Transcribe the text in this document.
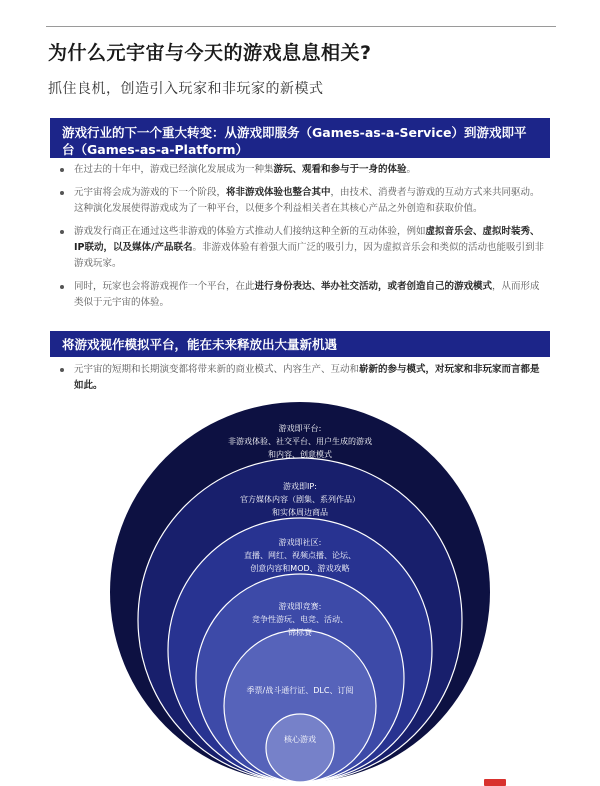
为什么元宇宙与今天的游戏息息相关?
抓住良机，创造引入玩家和非玩家的新模式
游戏行业的下一个重大转变：从游戏即服务（Games-as-a-Service）到游戏即平台（Games-as-a-Platform）
在过去的十年中，游戏已经演化发展成为一种集游玩、观看和参与于一身的体验。
元宇宙将会成为游戏的下一个阶段，将非游戏体验也整合其中，由技术、消费者与游戏的互动方式来共同驱动。这种演化发展使得游戏成为了一种平台，以便多个利益相关者在其核心产品之外创造和获取价值。
游戏发行商正在通过这些非游戏的体验方式推动人们接纳这种全新的互动体验，例如虚拟音乐会、虚拟时装秀、IP联动，以及媒体/产品联名。非游戏体验有着强大而广泛的吸引力，因为虚拟音乐会和类似的活动也能吸引到非游戏玩家。
同时，玩家也会将游戏视作一个平台，在此进行身份表达、举办社交活动，或者创造自己的游戏模式，从而形成类似于元宇宙的体验。
将游戏视作模拟平台，能在未来释放出大量新机遇
元宇宙的短期和长期演变都将带来新的商业模式、内容生产、互动和崭新的参与模式，对玩家和非玩家而言都是如此。
游戏即平台:
非游戏体验、社交平台、用户生成的游戏
和内容、创意模式
游戏即IP:
官方媒体内容（剧集、系列作品）
和实体周边商品
游戏即社区:
直播、网红、视频点播、论坛、
创意内容和MOD、游戏攻略
游戏即竞赛:
竞争性游玩、电竞、活动、
锦标赛
季票/战斗通行证、DLC、订阅
核心游戏
